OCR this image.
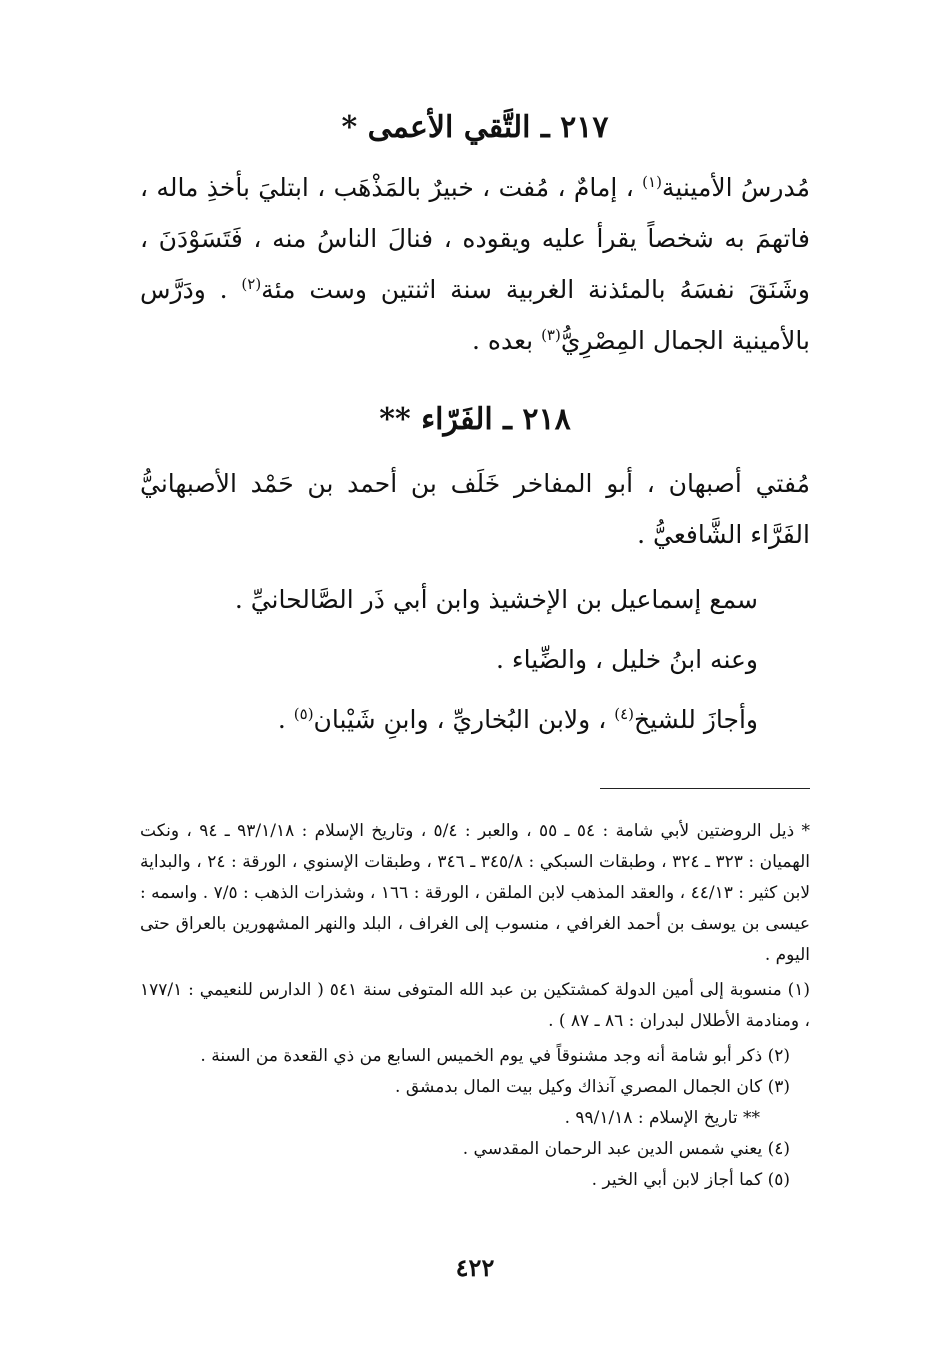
٢١٧ ـ التَّقي الأعمى *

مُدرسُ الأمينية$^{(١)}$ ، إمامٌ ، مُفت ، خبيرٌ بالمَذْهَب ، ابتليَ بأخذِ ماله ، فاتهمَ به شخصاً يقرأ عليه ويقوده ، فنالَ الناسُ منه ، فَتَسَوْدَنَ ، وشَنَقَ نفسَهُ بالمئذنة الغربية سنة اثنتين وست مئة$^{(٢)}$ . ودَرَّس بالأمينية الجمال المِصْرِيُّ$^{(٣)}$ بعده .

٢١٨ ـ الفَرّاء **

مُفتي أصبهان ، أبو المفاخر خَلَف بن أحمد بن حَمْد الأصبهانيُّ الفَرَّاء الشَّافعيُّ .

سمع إسماعيل بن الإخشيذ وابن أبي ذَر الصَّالحانيِّ .

وعنه ابنُ خليل ، والضِّياء .

وأجازَ للشيخ$^{(٤)}$ ، ولابن البُخاريِّ ، وابنِ شَيْبان$^{(٥)}$ .

* ذيل الروضتين لأبي شامة : ٥٤ ـ ٥٥ ، والعبر : ٥/٤ ، وتاريخ الإسلام : ٩٣/١/١٨ ـ ٩٤ ، ونكت الهميان : ٣٢٣ ـ ٣٢٤ ، وطبقات السبكي : ٣٤٥/٨ ـ ٣٤٦ ، وطبقات الإسنوي ، الورقة : ٢٤ ، والبداية لابن كثير : ٤٤/١٣ ، والعقد المذهب لابن الملقن ، الورقة : ١٦٦ ، وشذرات الذهب : ٧/٥ . واسمه : عيسى بن يوسف بن أحمد الغرافي ، منسوب إلى الغراف ، البلد والنهر المشهورين بالعراق حتى اليوم .

(١) منسوبة إلى أمين الدولة كمشتكين بن عبد الله المتوفى سنة ٥٤١ ( الدارس للنعيمي : ١٧٧/١ ، ومنادمة الأطلال لبدران : ٨٦ ـ ٨٧ ) .

(٢) ذكر أبو شامة أنه وجد مشنوقاً في يوم الخميس السابع من ذي القعدة من السنة .

(٣) كان الجمال المصري آنذاك وكيل بيت المال بدمشق .

** تاريخ الإسلام : ٩٩/١/١٨ .

(٤) يعني شمس الدين عبد الرحمان المقدسي .

(٥) كما أجاز لابن أبي الخير .

٤٢٢
